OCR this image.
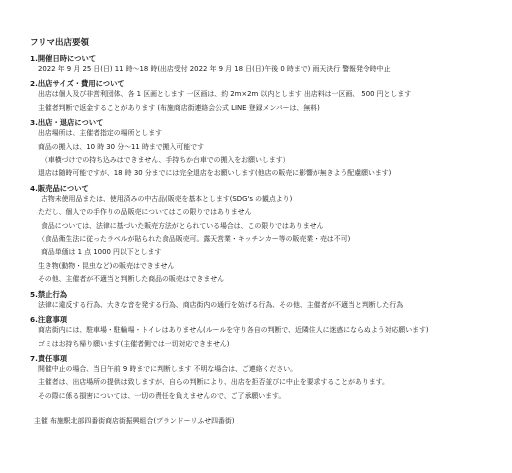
フリマ出店要領

1.開催日時について

2022 年 9 月 25 日(日) 11 時～18 時(出店受付 2022 年 9 月 18 日(日)午後 0 時まで) 雨天決行 警報発令時中止

2.出店サイズ・費用について

出店は個人及び非営利団体、各 1 区画とします 一区画は、約 2m×2m 以内とします 出店料は一区画、 500 円とします

主催者判断で返金することがあります (布施商店街連絡会公式 LINE 登録メンバーは、無料)

3.出店・退店について

出店場所は、主催者指定の場所とします

商品の搬入は、10 時 30 分～11 時まで搬入可能です

（車横づけでの持ち込みはできません、手持ちか台車での搬入をお願いします）

退店は随時可能ですが、18 時 30 分までには完全退店をお願いします(他店の販売に影響が無きよう配慮願います)

4.販売品について

古物未使用品または、使用済みの中古品(販売を基本とします(SDG's の観点より)

ただし、個人での手作りの品販売についてはこの限りではありません

食品については、法律に基づいた販売方法がとられている場合は、この限りではありません

（食品衛生法に従ったラベルが貼られた食品販売可。露天営業・キッチンカー等の販売業・売は不可)

商品単価は 1 点 1000 円以下とします

生き物(動物・昆虫など)の販売はできません

その他、主催者が不適当と判断した商品の販売はできません

5.禁止行為

法律に違反する行為、大きな音を発する行為、商店街内の通行を妨げる行為、その他、主催者が不適当と判断した行為

6.注意事項

商店街内には、駐車場・駐輪場・トイレはありません(ルールを守り各自の判断で、近隣住人に迷惑にならぬよう対応願います)

ゴミはお持ち帰り願います(主催者側では一切対応できません)

7.責任事項

開催中止の場合、当日午前 9 時までに判断します 不明な場合は、ご連絡ください。

主催者は、出店場所の提供は致しますが、自らの判断により、出店を拒否並びに中止を要求することがあります。

その際に係る損害については、一切の責任を負えませんので、ご了承願います。

主催 布施駅北部四番街商店街振興組合(ブランドーリふせ四番街)
